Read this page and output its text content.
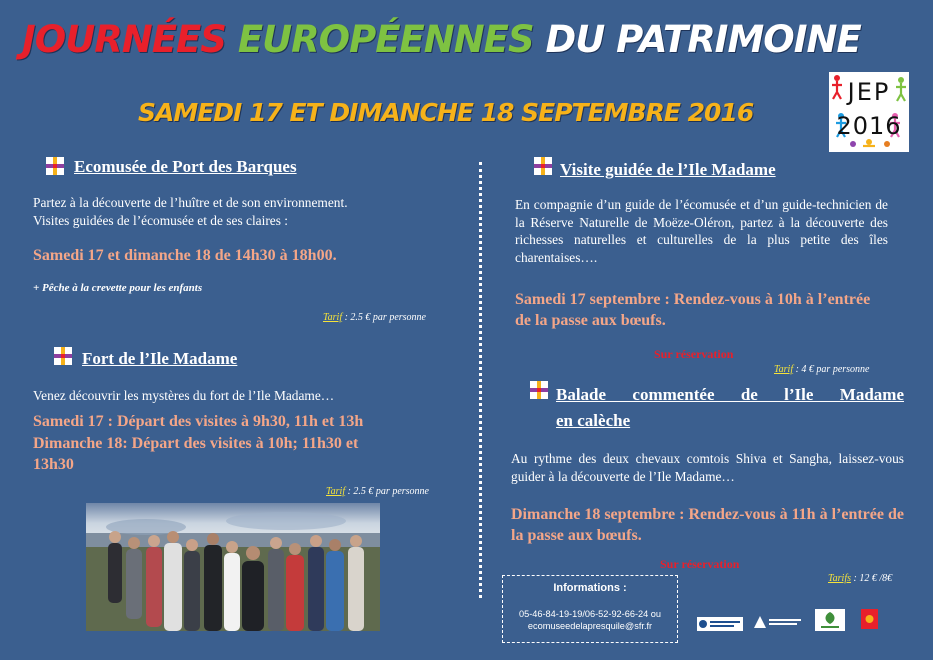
JOURNÉES EUROPÉENNES DU PATRIMOINE
SAMEDI 17 ET DIMANCHE 18 SEPTEMBRE 2016
JEP
2016
Ecomusée de Port des Barques
Partez à la découverte de l’huître et de son environnement.
Visites guidées de l’écomusée et de ses claires :
Samedi 17 et dimanche 18 de 14h30 à 18h00.
+ Pêche à la crevette pour les enfants
Tarif : 2.5 € par personne
Fort de l’Ile Madame
Venez découvrir les mystères du fort de l’Ile Madame…
Samedi 17 : Départ des visites à 9h30, 11h et 13h
Dimanche 18: Départ des visites à 10h; 11h30 et
13h30
Tarif : 2.5 € par personne
Visite guidée de l’Ile Madame
En compagnie d’un guide de l’écomusée et d’un guide-technicien de la Réserve Naturelle de Moëze-Oléron, partez à la découverte des richesses naturelles et culturelles de la plus petite des îles charentaises….
Samedi 17 septembre : Rendez-vous à 10h à l’entrée de la passe aux bœufs.
Sur réservation
Tarif : 4 € par personne
Balade commentée de l’Ile Madame
en calèche
Au rythme des deux chevaux comtois Shiva et Sangha, laissez-vous guider à la découverte de l’Ile Madame…
Dimanche 18 septembre : Rendez-vous à 11h à l’entrée de la passe aux bœufs.
Sur réservation
Tarifs : 12 € /8€
Informations :
05-46-84-19-19/06-52-92-66-24 ou
ecomuseedelapresquile@sfr.fr
